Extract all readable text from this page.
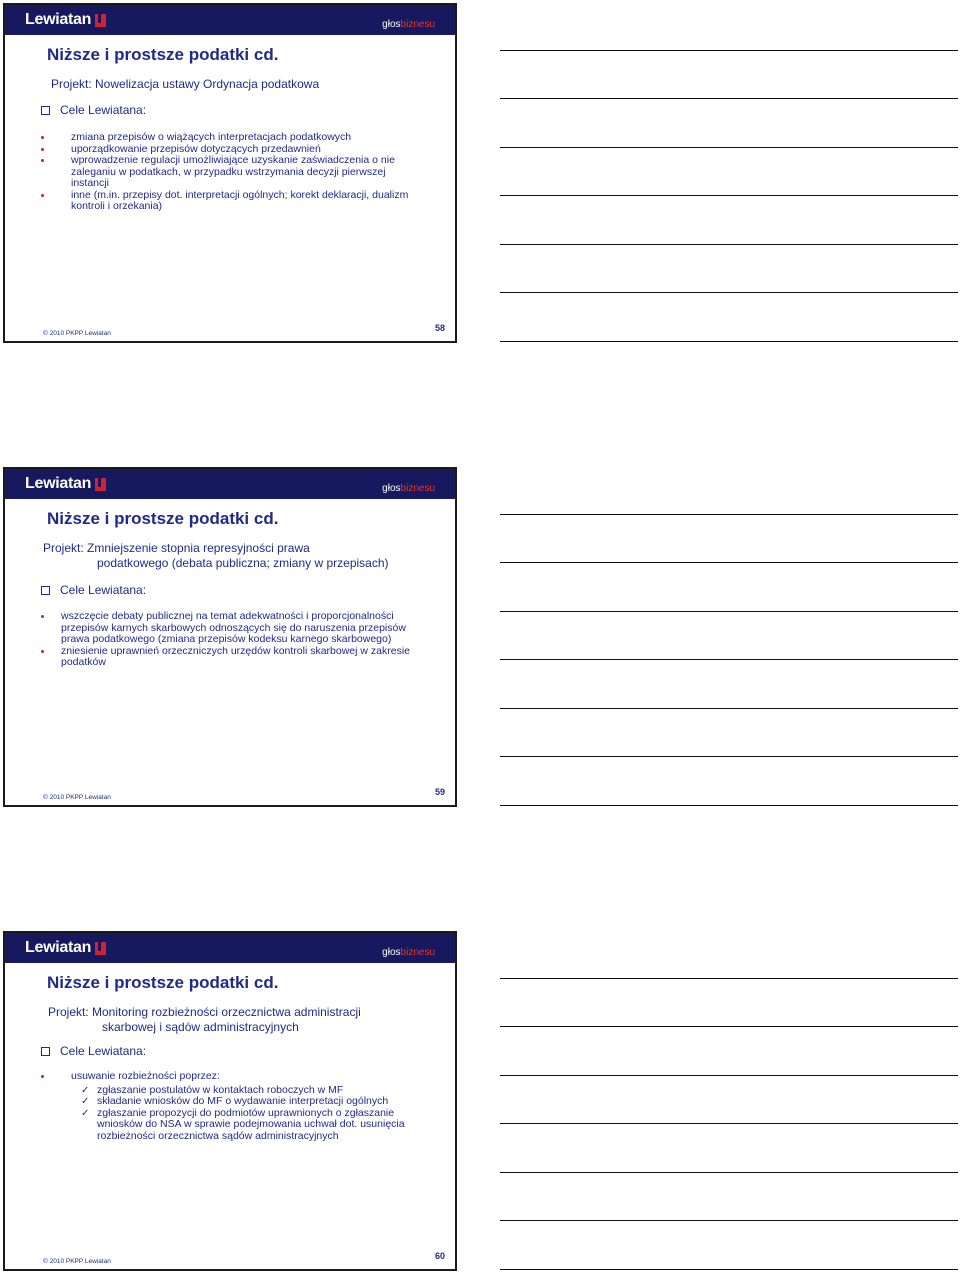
Lewiatan	głosbiznesu
Niższe i prostsze podatki cd.
Projekt: Nowelizacja ustawy Ordynacja podatkowa
Cele Lewiatana:
zmiana przepisów o wiążących interpretacjach podatkowych
uporządkowanie przepisów dotyczących przedawnień
wprowadzenie regulacji umożliwiające uzyskanie zaświadczenia o nie zaleganiu w podatkach, w przypadku wstrzymania decyzji pierwszej instancji
inne (m.in. przepisy dot. interpretacji ogólnych; korekt deklaracji, dualizm kontroli i orzekania)
© 2010 PKPP Lewiatan
58
Lewiatan	głosbiznesu
Niższe i prostsze podatki cd.
Projekt: Zmniejszenie stopnia represyjności prawa
podatkowego (debata publiczna; zmiany w przepisach)
Cele Lewiatana:
wszczęcie debaty publicznej na temat adekwatności i proporcjonalności przepisów karnych skarbowych odnoszących się do naruszenia przepisów prawa podatkowego (zmiana przepisów kodeksu karnego skarbowego)
zniesienie uprawnień orzeczniczych urzędów kontroli skarbowej w zakresie podatków
© 2010 PKPP Lewiatan
59
Lewiatan	głosbiznesu
Niższe i prostsze podatki cd.
Projekt: Monitoring rozbieżności orzecznictwa administracji
skarbowej i sądów administracyjnych
Cele Lewiatana:
usuwanie rozbieżności poprzez:
✓ zgłaszanie postulatów w kontaktach roboczych w MF
✓ składanie wniosków do MF o wydawanie interpretacji ogólnych
✓ zgłaszanie propozycji do podmiotów uprawnionych o zgłaszanie wniosków do NSA w sprawie podejmowania uchwał dot. usunięcia rozbieżności orzecznictwa sądów administracyjnych
© 2010 PKPP Lewiatan
60
